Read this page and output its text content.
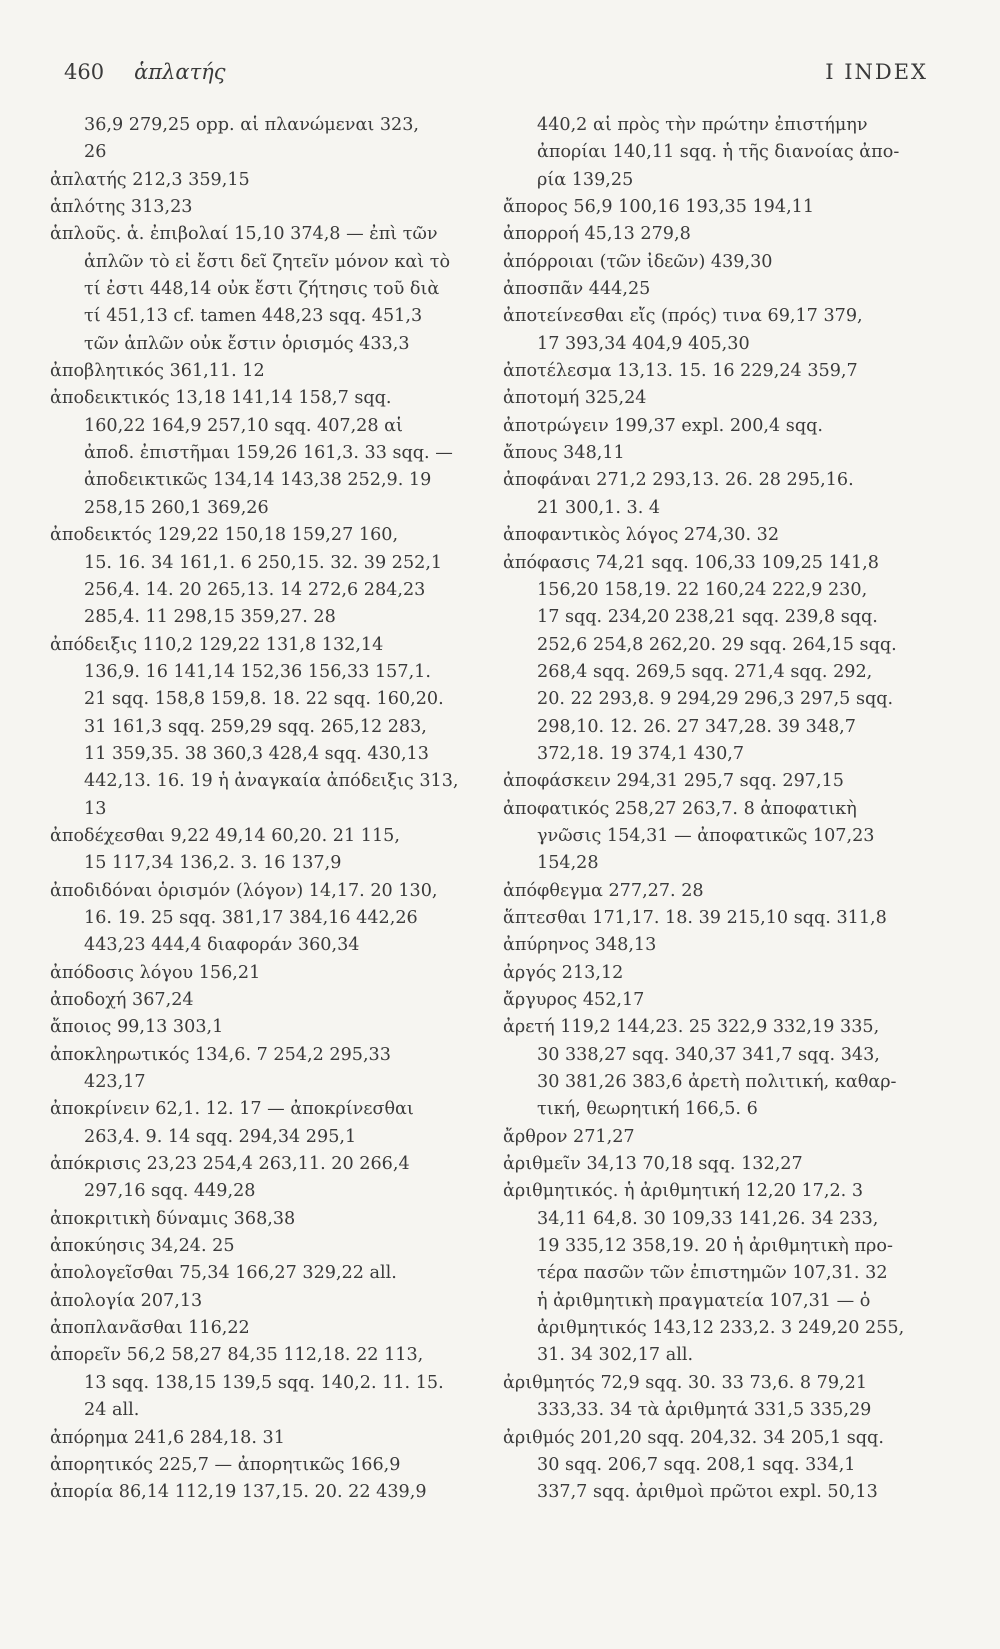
460 ἁπλατής	I INDEX
36,9 279,25 opp. αἱ πλανώμεναι 323,
26
ἀπλατής 212,3 359,15
ἁπλότης 313,23
ἁπλοῦς. ἁ. ἐπιβολαί 15,10 374,8 — ἐπὶ τῶν
ἁπλῶν τὸ εἰ ἔστι δεῖ ζητεῖν μόνον καὶ τὸ
τί ἐστι 448,14 οὐκ ἔστι ζήτησις τοῦ διὰ
τί 451,13 cf. tamen 448,23 sqq. 451,3
τῶν ἁπλῶν οὐκ ἔστιν ὁρισμός 433,3
ἀποβλητικός 361,11. 12
ἀποδεικτικός 13,18 141,14 158,7 sqq.
160,22 164,9 257,10 sqq. 407,28 αἱ
ἀποδ. ἐπιστῆμαι 159,26 161,3. 33 sqq. —
ἀποδεικτικῶς 134,14 143,38 252,9. 19
258,15 260,1 369,26
ἀποδεικτός 129,22 150,18 159,27 160,
15. 16. 34 161,1. 6 250,15. 32. 39 252,1
256,4. 14. 20 265,13. 14 272,6 284,23
285,4. 11 298,15 359,27. 28
ἀπόδειξις 110,2 129,22 131,8 132,14
136,9. 16 141,14 152,36 156,33 157,1.
21 sqq. 158,8 159,8. 18. 22 sqq. 160,20.
31 161,3 sqq. 259,29 sqq. 265,12 283,
11 359,35. 38 360,3 428,4 sqq. 430,13
442,13. 16. 19 ἡ ἀναγκαία ἀπόδειξις 313,
13
ἀποδέχεσθαι 9,22 49,14 60,20. 21 115,
15 117,34 136,2. 3. 16 137,9
ἀποδιδόναι ὁρισμόν (λόγον) 14,17. 20 130,
16. 19. 25 sqq. 381,17 384,16 442,26
443,23 444,4 διαφοράν 360,34
ἀπόδοσις λόγου 156,21
ἀποδοχή 367,24
ἄποιος 99,13 303,1
ἀποκληρωτικός 134,6. 7 254,2 295,33
423,17
ἀποκρίνειν 62,1. 12. 17 — ἀποκρίνεσθαι
263,4. 9. 14 sqq. 294,34 295,1
ἀπόκρισις 23,23 254,4 263,11. 20 266,4
297,16 sqq. 449,28
ἀποκριτικὴ δύναμις 368,38
ἀποκύησις 34,24. 25
ἀπολογεῖσθαι 75,34 166,27 329,22 all.
ἀπολογία 207,13
ἀποπλανᾶσθαι 116,22
ἀπορεῖν 56,2 58,27 84,35 112,18. 22 113,
13 sqq. 138,15 139,5 sqq. 140,2. 11. 15.
24 all.
ἀπόρημα 241,6 284,18. 31
ἀπορητικός 225,7 — ἀπορητικῶς 166,9
ἀπορία 86,14 112,19 137,15. 20. 22 439,9
440,2 αἱ πρὸς τὴν πρώτην ἐπιστήμην
ἀπορίαι 140,11 sqq. ἡ τῆς διανοίας ἀπο-
ρία 139,25
ἄπορος 56,9 100,16 193,35 194,11
ἀπορροή 45,13 279,8
ἀπόρροιαι (τῶν ἰδεῶν) 439,30
ἀποσπᾶν 444,25
ἀποτείνεσθαι εἴς (πρός) τινα 69,17 379,
17 393,34 404,9 405,30
ἀποτέλεσμα 13,13. 15. 16 229,24 359,7
ἀποτομή 325,24
ἀποτρώγειν 199,37 expl. 200,4 sqq.
ἄπους 348,11
ἀποφάναι 271,2 293,13. 26. 28 295,16.
21 300,1. 3. 4
ἀποφαντικὸς λόγος 274,30. 32
ἀπόφασις 74,21 sqq. 106,33 109,25 141,8
156,20 158,19. 22 160,24 222,9 230,
17 sqq. 234,20 238,21 sqq. 239,8 sqq.
252,6 254,8 262,20. 29 sqq. 264,15 sqq.
268,4 sqq. 269,5 sqq. 271,4 sqq. 292,
20. 22 293,8. 9 294,29 296,3 297,5 sqq.
298,10. 12. 26. 27 347,28. 39 348,7
372,18. 19 374,1 430,7
ἀποφάσκειν 294,31 295,7 sqq. 297,15
ἀποφατικός 258,27 263,7. 8 ἀποφατικὴ
γνῶσις 154,31 — ἀποφατικῶς 107,23
154,28
ἀπόφθεγμα 277,27. 28
ἅπτεσθαι 171,17. 18. 39 215,10 sqq. 311,8
ἀπύρηνος 348,13
ἀργός 213,12
ἄργυρος 452,17
ἀρετή 119,2 144,23. 25 322,9 332,19 335,
30 338,27 sqq. 340,37 341,7 sqq. 343,
30 381,26 383,6 ἀρετὴ πολιτική, καθαρ-
τική, θεωρητική 166,5. 6
ἄρθρον 271,27
ἀριθμεῖν 34,13 70,18 sqq. 132,27
ἀριθμητικός. ἡ ἀριθμητική 12,20 17,2. 3
34,11 64,8. 30 109,33 141,26. 34 233,
19 335,12 358,19. 20 ἡ ἀριθμητικὴ προ-
τέρα πασῶν τῶν ἐπιστημῶν 107,31. 32
ἡ ἀριθμητικὴ πραγματεία 107,31 — ὁ
ἀριθμητικός 143,12 233,2. 3 249,20 255,
31. 34 302,17 all.
ἀριθμητός 72,9 sqq. 30. 33 73,6. 8 79,21
333,33. 34 τὰ ἀριθμητά 331,5 335,29
ἀριθμός 201,20 sqq. 204,32. 34 205,1 sqq.
30 sqq. 206,7 sqq. 208,1 sqq. 334,1
337,7 sqq. ἀριθμοὶ πρῶτοι expl. 50,13
